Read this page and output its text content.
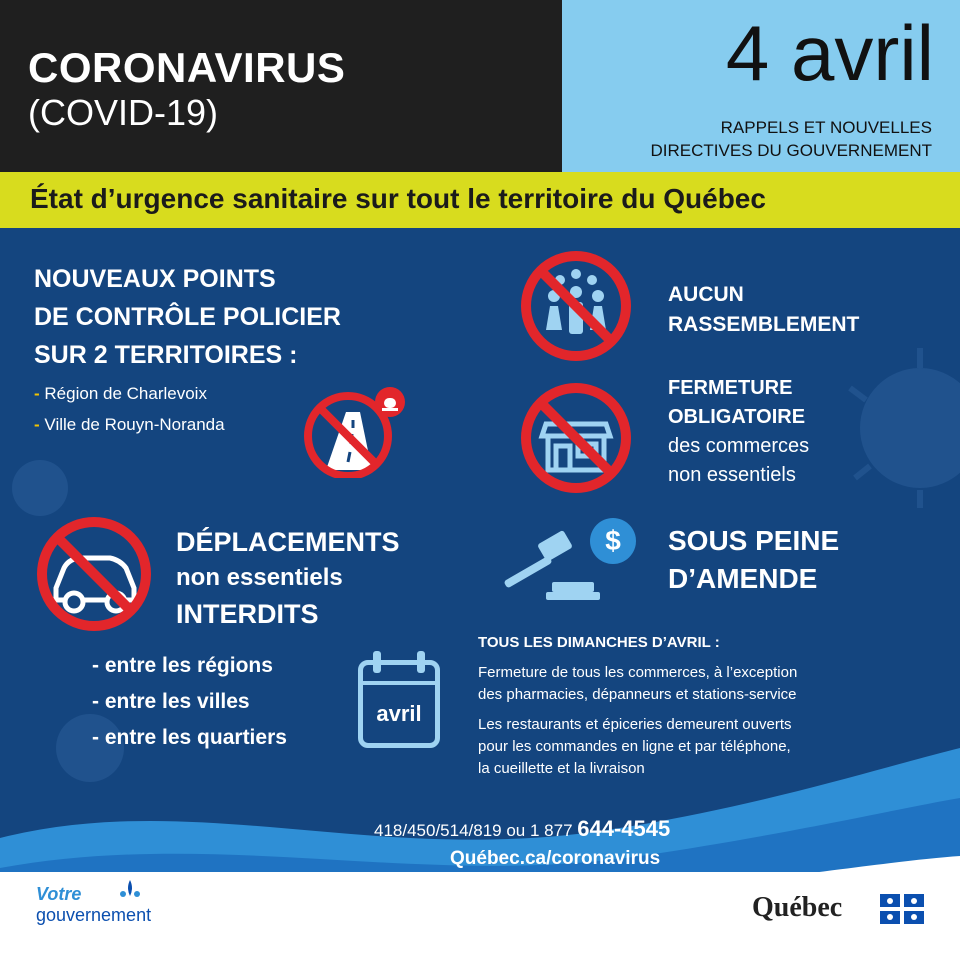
CORONAVIRUS
(COVID-19)
4 avril
RAPPELS ET NOUVELLES
DIRECTIVES DU GOUVERNEMENT
État d’urgence sanitaire sur tout le territoire du Québec
NOUVEAUX POINTS
DE CONTRÔLE POLICIER
SUR 2 TERRITOIRES :
- Région de Charlevoix
- Ville de Rouyn-Noranda
DÉPLACEMENTS
non essentiels
INTERDITS
- entre les régions
- entre les villes
- entre les quartiers
AUCUN
RASSEMBLEMENT
FERMETURE
OBLIGATOIRE
des commerces
non essentiels
$	SOUS PEINE
D’AMENDE
avril
TOUS LES DIMANCHES D’AVRIL :
Fermeture de tous les commerces, à l’exception
des pharmacies, dépanneurs et stations-service
Les restaurants et épiceries demeurent ouverts
pour les commandes en ligne et par téléphone,
la cueillette et la livraison
418/450/514/819 ou 1 877 644-4545
Québec.ca/coronavirus
Votre
gouvernement	Québec
